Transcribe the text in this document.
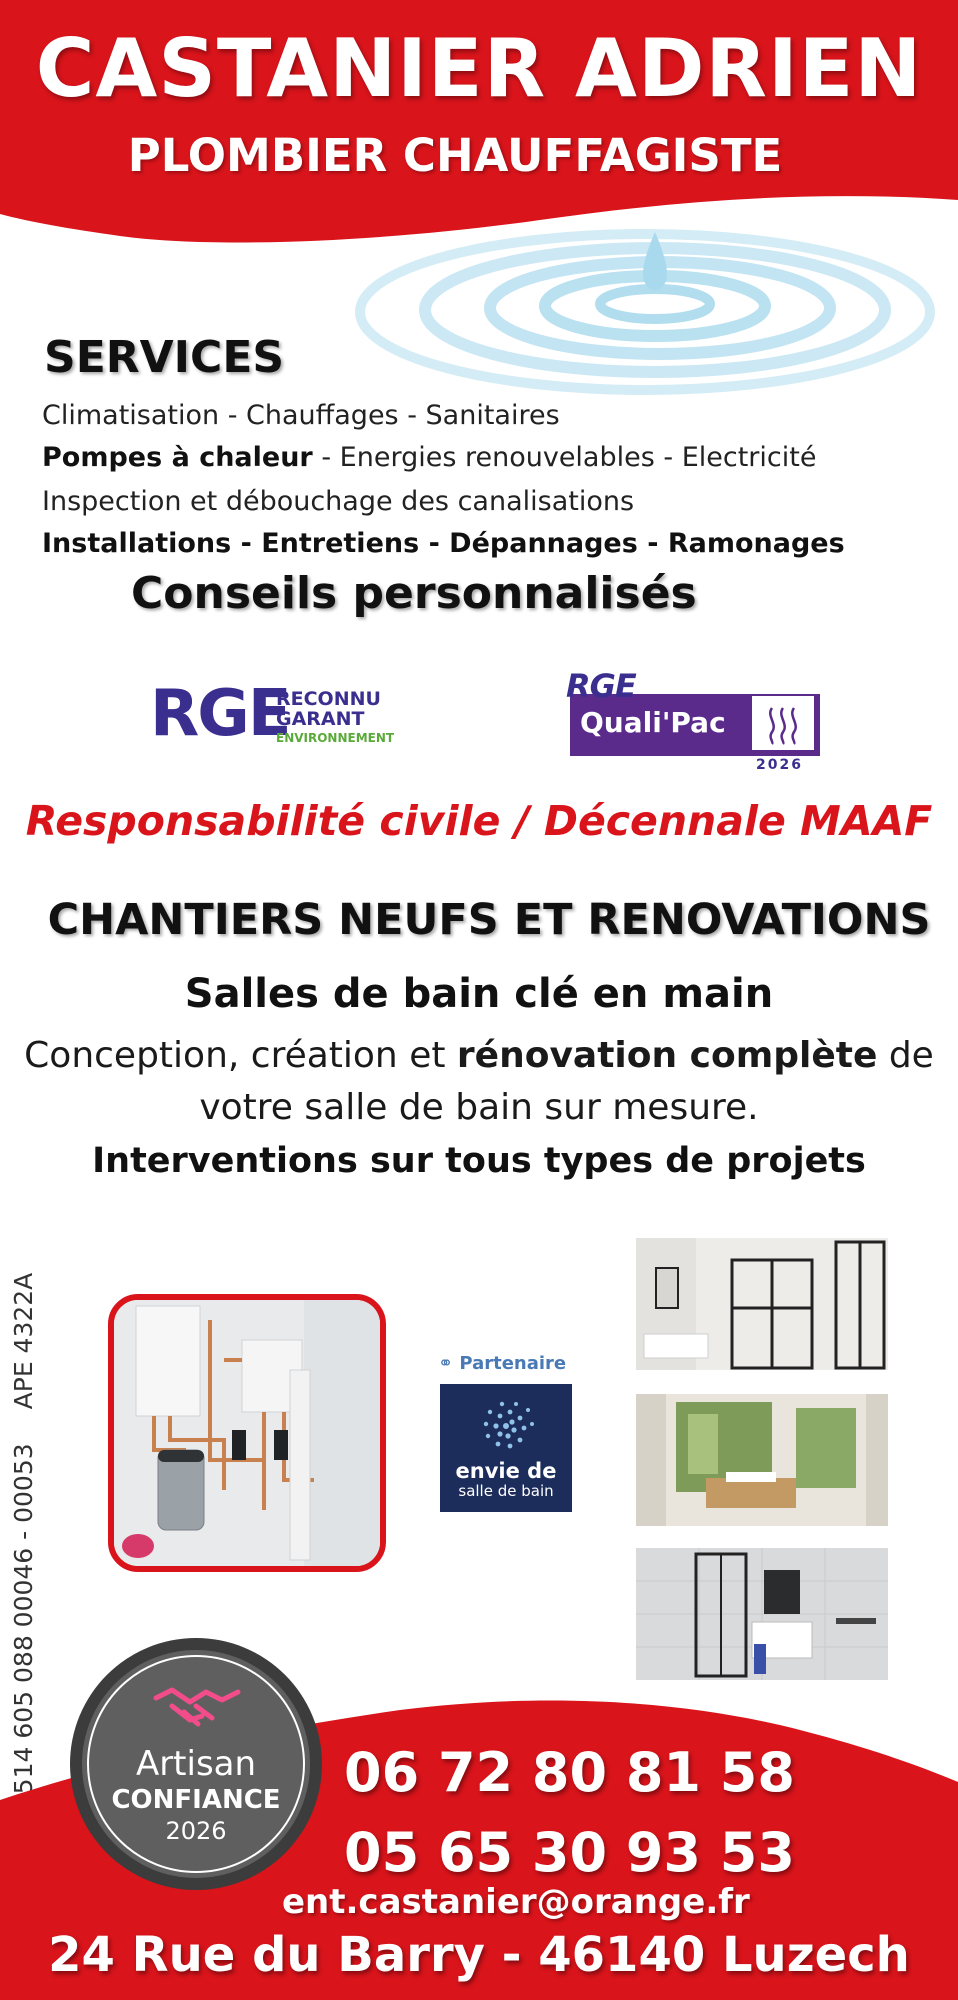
CASTANIER ADRIEN
PLOMBIER CHAUFFAGISTE
SERVICES
Climatisation - Chauffages - Sanitaires
Pompes à chaleur - Energies renouvelables - Electricité
Inspection et débouchage des canalisations
Installations - Entretiens - Dépannages - Ramonages
Conseils personnalisés
RGE
RECONNU
GARANT
ENVIRONNEMENT
RGE
Quali'Pac
2026
Responsabilité civile / Décennale MAAF
CHANTIERS NEUFS ET RENOVATIONS
Salles de bain clé en main
Conception, création et rénovation complète de votre salle de bain sur mesure.
Interventions sur tous types de projets
Siret 514 605 088 00046 - 00053APE 4322A	⚭ Partenaire
envie de
salle de bain
Artisan
CONFIANCE
2026
06 72 80 81 58
05 65 30 93 53
ent.castanier@orange.fr
24 Rue du Barry - 46140 Luzech
